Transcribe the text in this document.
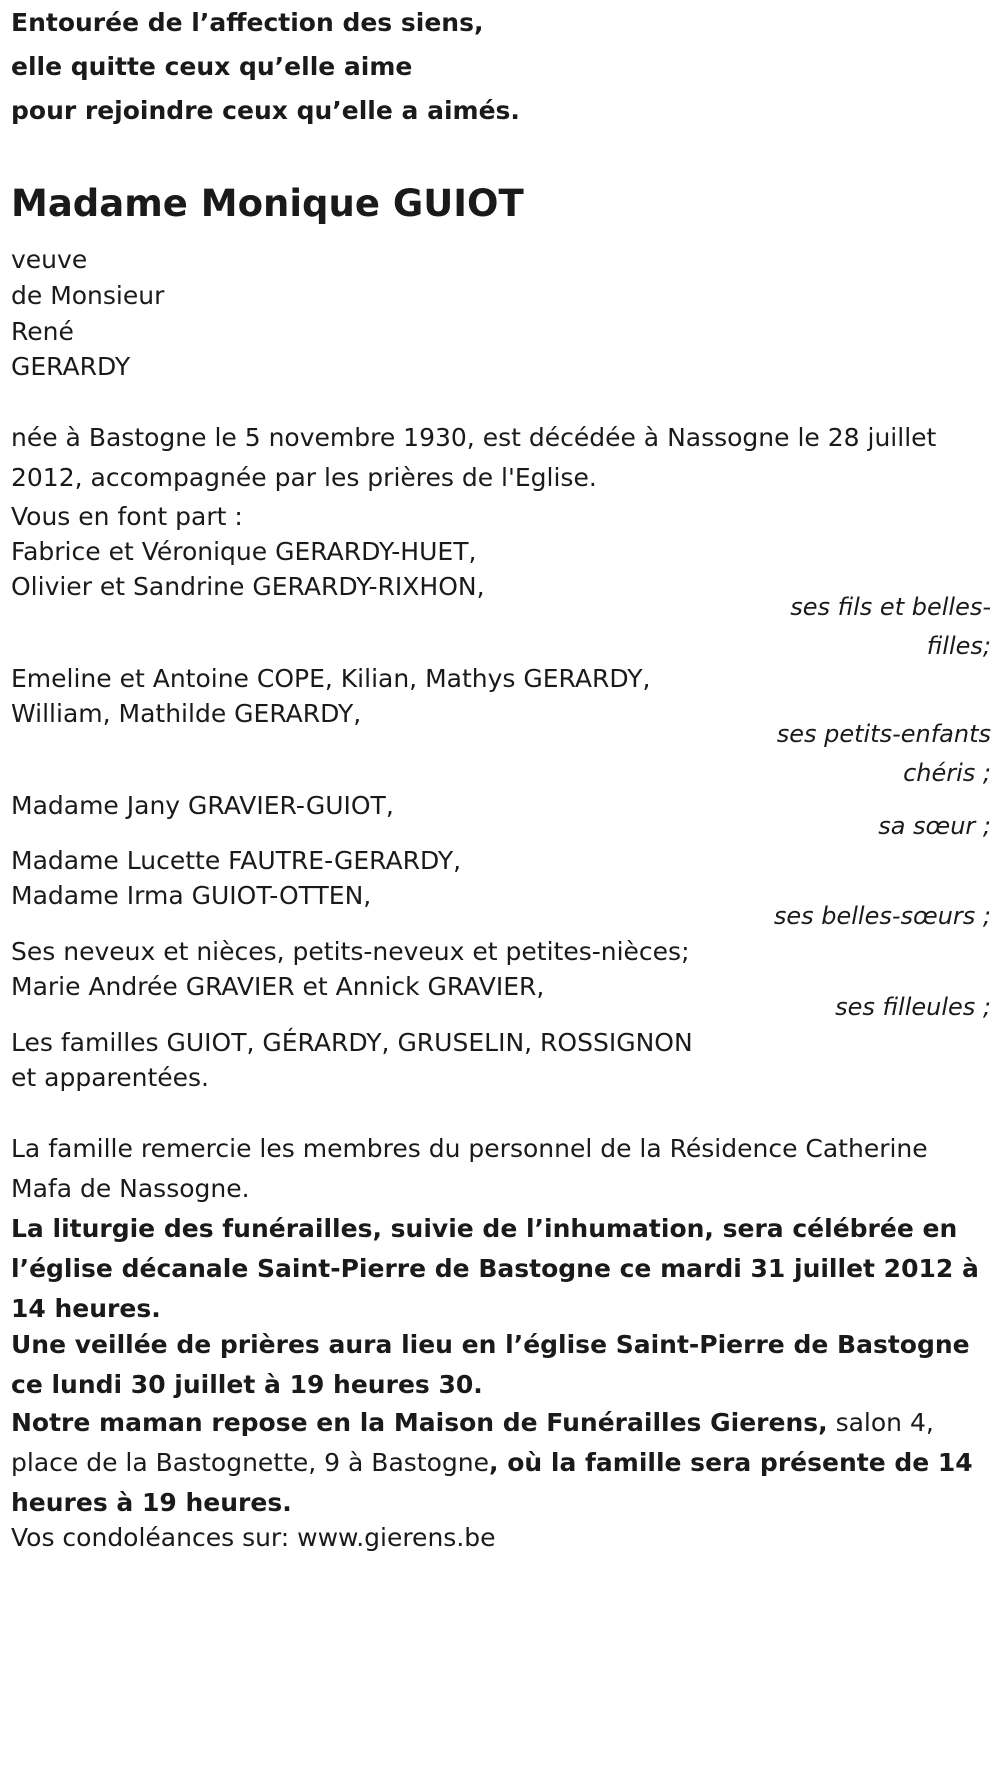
Entourée de l’affection des siens,

elle quitte ceux qu’elle aime

pour rejoindre ceux qu’elle a aimés.

Madame Monique GUIOT

veuve

de Monsieur

René

GERARDY

née à Bastogne le 5 novembre 1930, est décédée à Nassogne le 28 juillet 2012, accompagnée par les prières de l'Eglise.

Vous en font part :

Fabrice et Véronique GERARDY-HUET,

Olivier et Sandrine GERARDY-RIXHON,

ses fils et belles-filles;

Emeline et Antoine COPE, Kilian, Mathys GERARDY,

William, Mathilde GERARDY,

ses petits-enfants chéris ;

Madame Jany GRAVIER-GUIOT,

sa sœur ;

Madame Lucette FAUTRE-GERARDY,

Madame Irma GUIOT-OTTEN,

ses belles-sœurs ;

Ses neveux et nièces, petits-neveux et petites-nièces;

Marie Andrée GRAVIER et Annick GRAVIER,

ses filleules ;

Les familles GUIOT, GÉRARDY, GRUSELIN, ROSSIGNON

et apparentées.

La famille remercie les membres du personnel de la Résidence Catherine Mafa de Nassogne.

La liturgie des funérailles, suivie de l’inhumation, sera célébrée en l’église décanale Saint-Pierre de Bastogne ce mardi 31 juillet 2012 à 14 heures.

Une veillée de prières aura lieu en l’église Saint-Pierre de Bastogne ce lundi 30 juillet à 19 heures 30.

Notre maman repose en la Maison de Funérailles Gierens, salon 4, place de la Bastognette, 9 à Bastogne, où la famille sera présente de 14 heures à 19 heures.

Vos condoléances sur: www.gierens.be
